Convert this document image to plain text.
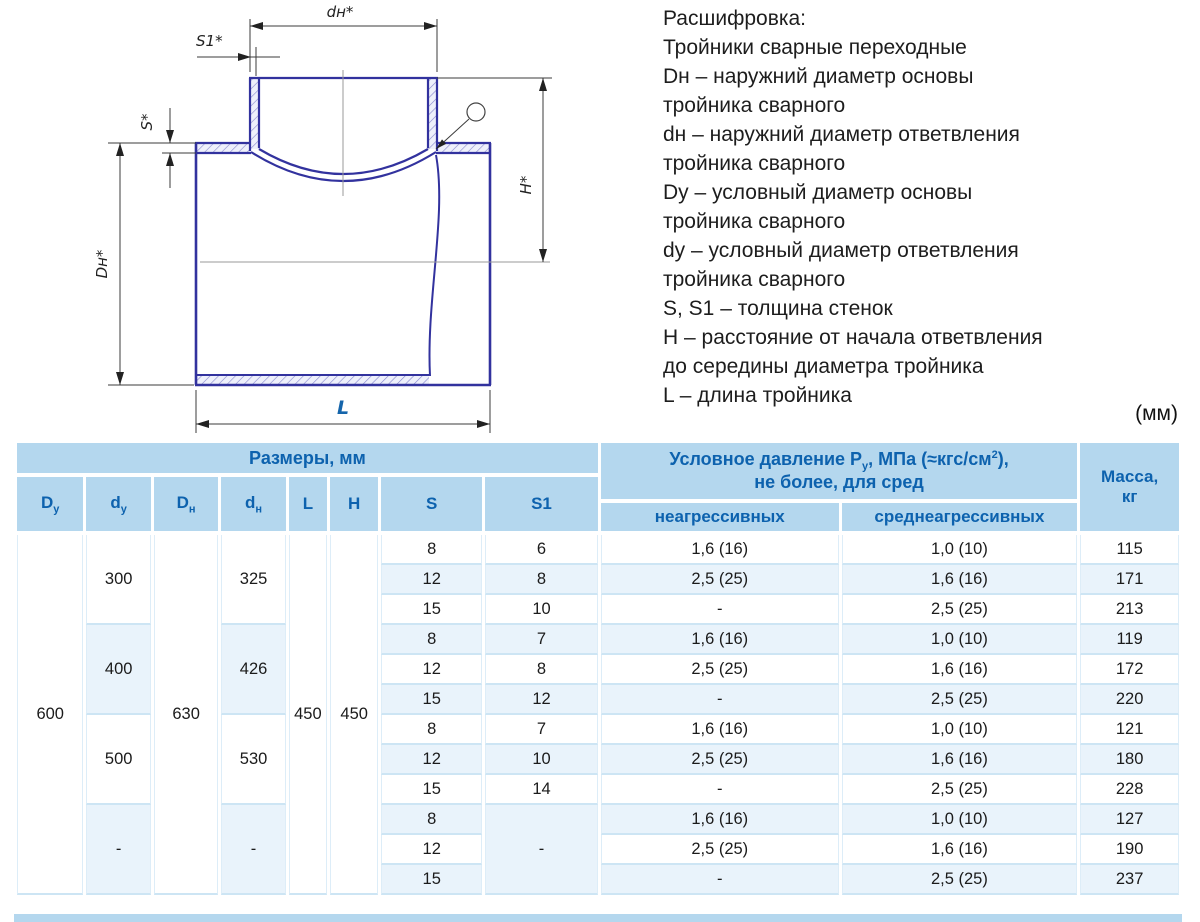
dн*
S1*
S*
H*
Dн*
L
Расшифровка:
Тройники сварные переходные
Dн – наружний диаметр основы
тройника сварного
dн – наружний диаметр ответвления
тройника сварного
Dy – условный диаметр основы
тройника сварного
dy – условный диаметр ответвления
тройника сварного
S, S1 – толщина стенок
H – расстояние от начала ответвления
до середины диаметра тройника
L – длина тройника
(мм)
Размеры, мм	Условное давление $P_у$, МПа $(\approx кгс/см^2)$,
не более, для сред	Масса,
кг

$D_у$	$d_у$	$D_н$	$d_н$	L	H	S	S1			
								неагрессивных	среднеагрессивных	
600	300	630	325	450	450	8	6	1,6 (16)	1,0 (10)	115
						12	8	2,5 (25)	1,6 (16)	171
						15	10	-	2,5 (25)	213
	400		426			8	7	1,6 (16)	1,0 (10)	119
						12	8	2,5 (25)	1,6 (16)	172
						15	12	-	2,5 (25)	220
	500		530			8	7	1,6 (16)	1,0 (10)	121
						12	10	2,5 (25)	1,6 (16)	180
						15	14	-	2,5 (25)	228
	-		-			8	-	1,6 (16)	1,0 (10)	127
						12		2,5 (25)	1,6 (16)	190
						15		-	2,5 (25)	237
